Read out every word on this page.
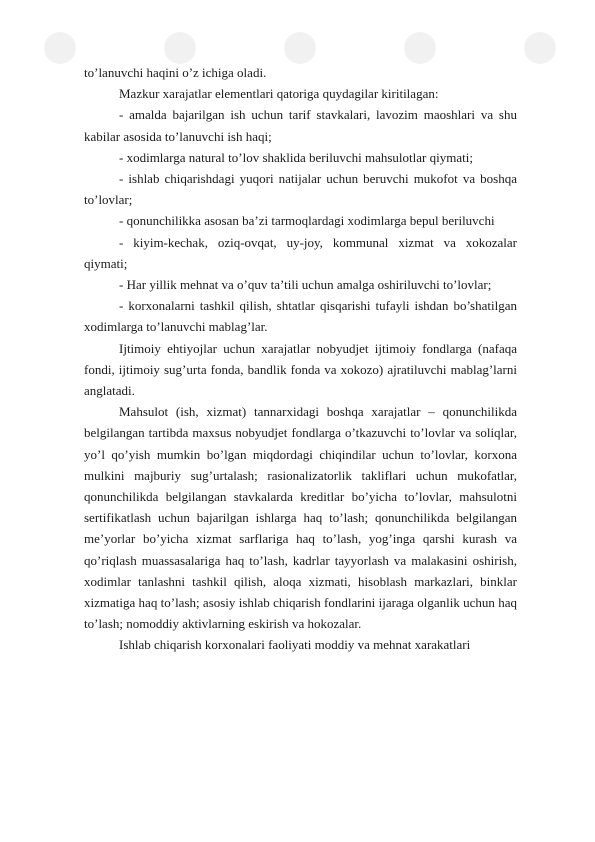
to’lanuvchi haqini o’z ichiga oladi.

Mazkur xarajatlar elementlari qatoriga quydagilar kiritilagan:

- amalda bajarilgan ish uchun tarif stavkalari, lavozim maoshlari va shu kabilar asosida to’lanuvchi ish haqi;

- xodimlarga natural to’lov shaklida beriluvchi mahsulotlar qiymati;

- ishlab chiqarishdagi yuqori natijalar uchun beruvchi mukofot va boshqa to’lovlar;

- qonunchilikka asosan ba’zi tarmoqlardagi xodimlarga bepul beriluvchi

- kiyim-kechak, oziq-ovqat, uy-joy, kommunal xizmat va xokozalar qiymati;

- Har yillik mehnat va o’quv ta’tili uchun amalga oshiriluvchi to’lovlar;

- korxonalarni tashkil qilish, shtatlar qisqarishi tufayli ishdan bo’shatilgan xodimlarga to’lanuvchi mablag’lar.

Ijtimoiy ehtiyojlar uchun xarajatlar nobyudjet ijtimoiy fondlarga (nafaqa fondi, ijtimoiy sug’urta fonda, bandlik fonda va xokozo) ajratiluvchi mablag’larni anglatadi.

Mahsulot (ish, xizmat) tannarxidagi boshqa xarajatlar – qonunchilikda belgilangan tartibda maxsus nobyudjet fondlarga o’tkazuvchi to’lovlar va soliqlar, yo’l qo’yish mumkin bo’lgan miqdordagi chiqindilar uchun to’lovlar, korxona mulkini majburiy sug’urtalash; rasionalizatorlik takliflari uchun mukofatlar, qonunchilikda belgilangan stavkalarda kreditlar bo’yicha to’lovlar, mahsulotni sertifikatlash uchun bajarilgan ishlarga haq to’lash; qonunchilikda belgilangan me’yorlar bo’yicha xizmat sarflariga haq to’lash, yog’inga qarshi kurash va qo’riqlash muassasalariga haq to’lash, kadrlar tayyorlash va malakasini oshirish, xodimlar tanlashni tashkil qilish, aloqa xizmati, hisoblash markazlari, binklar xizmatiga haq to’lash; asosiy ishlab chiqarish fondlarini ijaraga olganlik uchun haq to’lash; nomoddiy aktivlarning eskirish va hokozalar.

Ishlab chiqarish korxonalari faoliyati moddiy va mehnat xarakatlari
